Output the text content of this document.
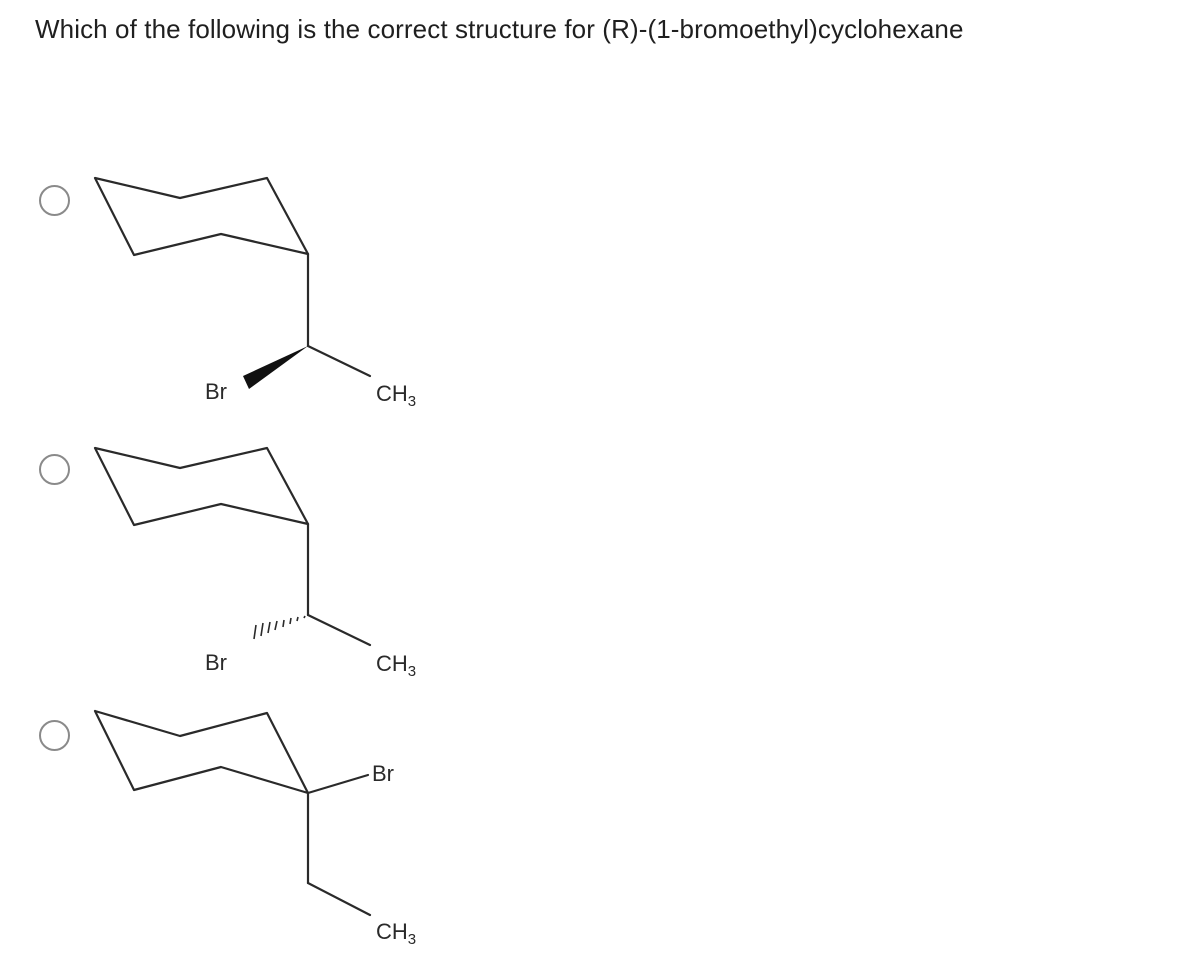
Which of the following is the correct structure for (R)-(1-bromoethyl)cyclohexane
Br	$CH_3$
Br	$CH_3$
Br
$CH_3$
